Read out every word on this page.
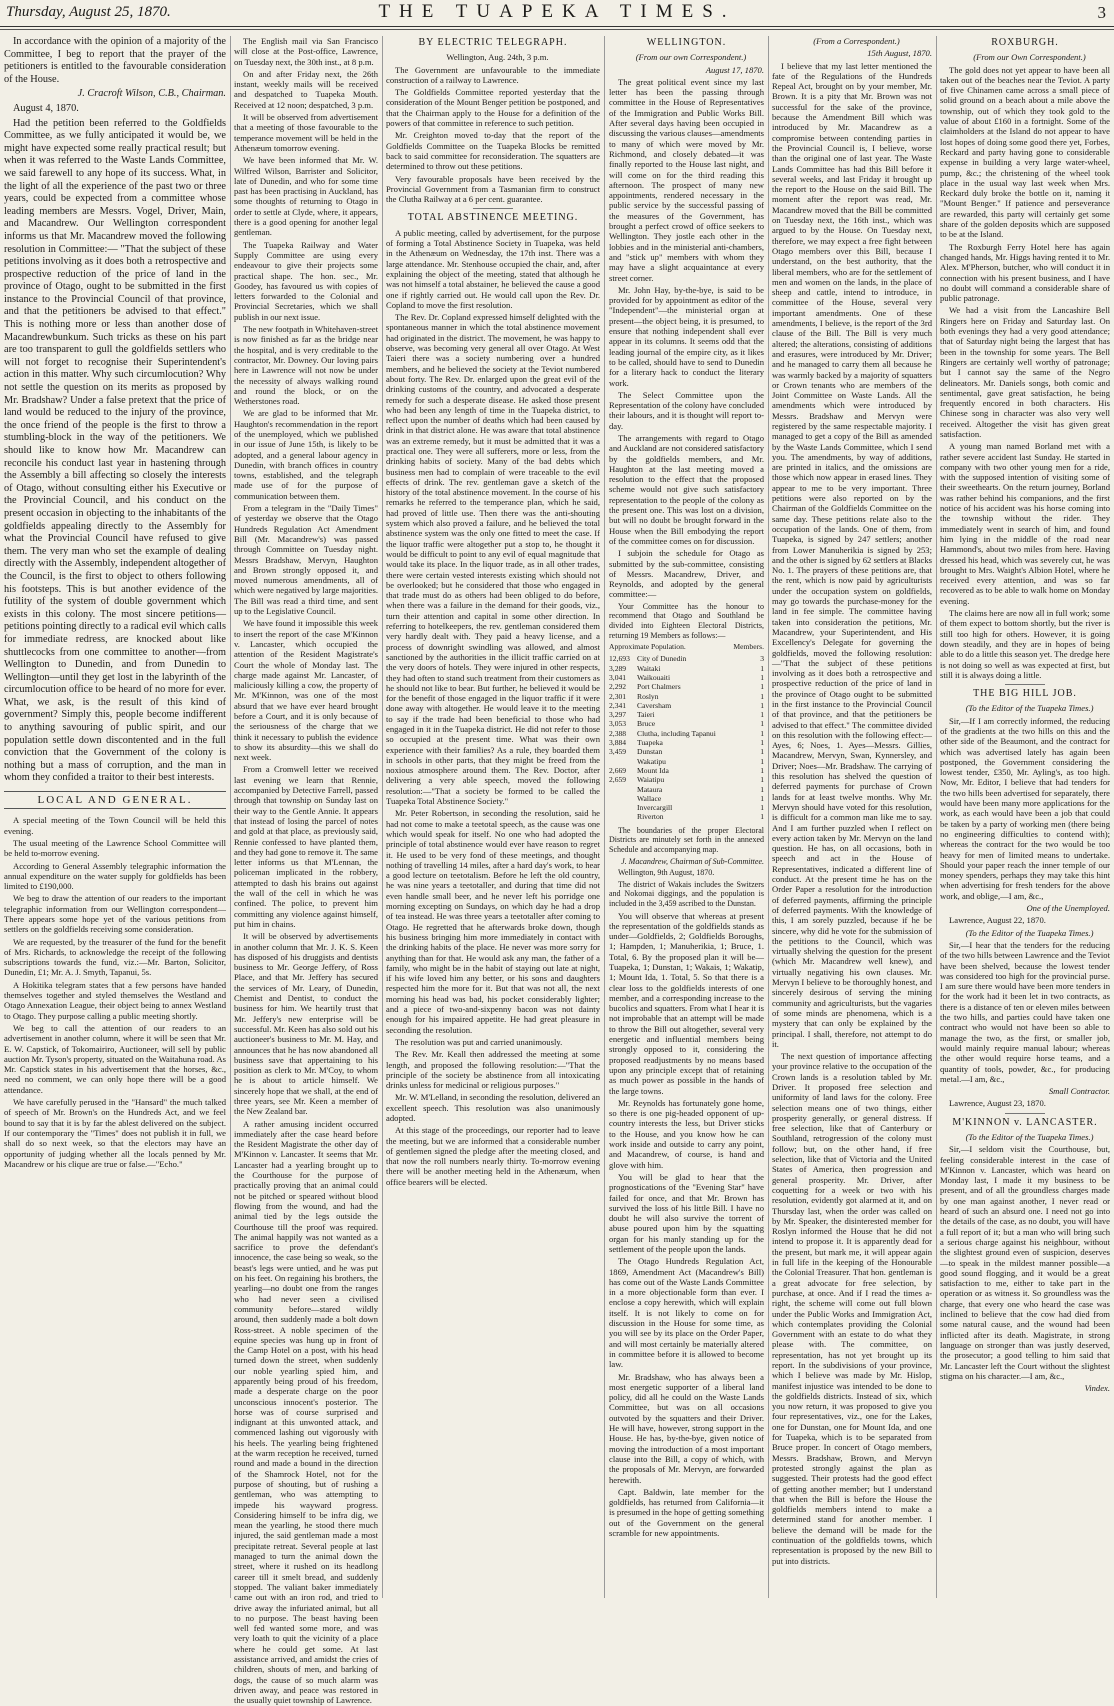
Thursday, August 25, 1870.	THE TUAPEKA TIMES.	3

In accordance with the opinion of a majority of the Committee, I beg to report that the prayer of the petitioners is entitled to the favourable consideration of the House.

J. Cracroft Wilson, C.B., Chairman.

August 4, 1870.

Had the petition been referred to the Goldfields Committee, as we fully anticipated it would be, we might have expected some really practical result; but when it was referred to the Waste Lands Committee, we said farewell to any hope of its success. What, in the light of all the experience of the past two or three years, could be expected from a committee whose leading members are Messrs. Vogel, Driver, Main, and Macandrew. Our Wellington correspondent informs us that Mr. Macandrew moved the following resolution in Committee:— "That the subject of these petitions involving as it does both a retrospective and prospective reduction of the price of land in the province of Otago, ought to be submitted in the first instance to the Provincial Council of that province, and that the petitioners be advised to that effect." This is nothing more or less than another dose of Macandrewbunkum. Such tricks as these on his part are too transparent to gull the goldfields settlers who will not forget to recognise their Superintendent's action in this matter. Why such circumlocution? Why not settle the question on its merits as proposed by Mr. Bradshaw? Under a false pretext that the price of land would be reduced to the injury of the province, the once friend of the people is the first to throw a stumbling-block in the way of the petitioners. We should like to know how Mr. Macandrew can reconcile his conduct last year in hastening through the Assembly a bill affecting so closely the interests of Otago, without consulting either his Executive or the Provincial Council, and his conduct on the present occasion in objecting to the inhabitants of the goldfields appealing directly to the Assembly for what the Provincial Council have refused to give them. The very man who set the example of dealing directly with the Assembly, independent altogether of the Council, is the first to object to others following his footsteps. This is but another evidence of the futility of the system of double government which exists in this colony. The most sincere petitions—petitions pointing directly to a radical evil which calls for immediate redress, are knocked about like shuttlecocks from one committee to another—from Wellington to Dunedin, and from Dunedin to Wellington—until they get lost in the labyrinth of the circumlocution office to be heard of no more for ever. What, we ask, is the result of this kind of government? Simply this, people become indifferent to anything savouring of public spirit, and our population settle down discontented and in the full conviction that the Government of the colony is nothing but a mass of corruption, and the man in whom they confided a traitor to their best interests.

LOCAL AND GENERAL.

A special meeting of the Town Council will be held this evening.

The usual meeting of the Lawrence School Committee will be held to-morrow evening.

According to General Assembly telegraphic information the annual expenditure on the water supply for goldfields has been limited to £190,000.

We beg to draw the attention of our readers to the important telegraphic information from our Wellington correspondent—There appears some hope yet of the various petitions from settlers on the goldfields receiving some consideration.

We are requested, by the treasurer of the fund for the benefit of Mrs. Richards, to acknowledge the receipt of the following subscriptions towards the fund, viz.:—Mr. Barton, Solicitor, Dunedin, £1; Mr. A. J. Smyth, Tapanui, 5s.

A Hokitika telegram states that a few persons have handed themselves together and styled themselves the Westland and Otago Annexation League, their object being to annex Westland to Otago. They purpose calling a public meeting shortly.

We beg to call the attention of our readers to an advertisement in another column, where it will be seen that Mr. E. W. Capstick, of Tokomairiro, Auctioneer, will sell by public auction Mr. Tyson's property, situated on the Waitahuna road. As Mr. Capstick states in his advertisement that the horses, &c., need no comment, we can only hope there will be a good attendance.

We have carefully perused in the "Hansard" the much talked of speech of Mr. Brown's on the Hundreds Act, and we feel bound to say that it is by far the ablest delivered on the subject. If our contemporary the "Times" does not publish it in full, we shall do so next week, so that the electors may have an opportunity of judging whether all the locals penned by Mr. Macandrew or his clique are true or false.—"Echo."

The English mail via San Francisco will close at the Post-office, Lawrence, on Tuesday next, the 30th inst., at 8 p.m.

On and after Friday next, the 26th instant, weekly mails will be received and despatched to Tuapeka Mouth. Received at 12 noon; despatched, 3 p.m.

It will be observed from advertisement that a meeting of those favourable to the temperance movement will be held in the Athenæum tomorrow evening.

We have been informed that Mr. W. Wilfred Wilson, Barrister and Solicitor, late of Dunedin, and who for some time past has been practising in Auckland, has some thoughts of returning to Otago in order to settle at Clyde, where, it appears, there is a good opening for another legal gentleman.

The Tuapeka Railway and Water Supply Committee are using every endeavour to give their projects some practical shape. The hon. sec., Mr. Goodey, has favoured us with copies of letters forwarded to the Colonial and Provincial Secretaries, which we shall publish in our next issue.

The new footpath in Whitehaven-street is now finished as far as the bridge near the hospital, and is very creditable to the contractor, Mr. Downey. Our loving pairs here in Lawrence will not now be under the necessity of always walking round and round the block, or on the Wetherstones road.

We are glad to be informed that Mr. Haughton's recommendation in the report of the unemployed, which we published in our issue of June 15th, is likely to be adopted, and a general labour agency in Dunedin, with branch offices in country towns, established, and the telegraph made use of for the purpose of communication between them.

From a telegram in the "Daily Times" of yesterday we observe that the Otago Hundreds Regulation Act Amendment Bill (Mr. Macandrew's) was passed through Committee on Tuesday night. Messrs Bradshaw, Mervyn, Haughton and Brown strongly opposed it, and moved numerous amendments, all of which were negatived by large majorities. The Bill was read a third time, and sent up to the Legislative Council.

We have found it impossible this week to insert the report of the case M'Kinnon v. Lancaster, which occupied the attention of the Resident Magistrate's Court the whole of Monday last. The charge made against Mr. Lancaster, of maliciously killing a cow, the property of Mr. M'Kinnon, was one of the most absurd that we have ever heard brought before a Court, and it is only because of the seriousness of the charge that we think it necessary to publish the evidence to show its absurdity—this we shall do next week.

From a Cromwell letter we received last evening we learn that Rennie, accompanied by Detective Farrell, passed through that township on Sunday last on their way to the Gentle Annie. It appears that instead of losing the parcel of notes and gold at that place, as previously said, Rennie confessed to have planted them, and they had gone to remove it. The same letter informs us that M'Lennan, the policeman implicated in the robbery, attempted to dash his brains out against the wall of the cell in which he was confined. The police, to prevent him committing any violence against himself, put him in chains.

It will be observed by advertisements in another column that Mr. J. K. S. Keen has disposed of his druggists and dentists business to Mr. George Jeffery, of Ross Place, and that Mr. Jeffery has secured the services of Mr. Leary, of Dunedin, Chemist and Dentist, to conduct the business for him. We heartily trust that Mr. Jeffery's new enterprise will be successful. Mr. Keen has also sold out his auctioneer's business to Mr. M. Hay, and announces that he has now abandoned all business save that appertaining to his position as clerk to Mr. M'Coy, to whom he is about to article himself. We sincerely hope that we shall, at the end of three years, see Mr. Keen a member of the New Zealand bar.

A rather amusing incident occurred immediately after the case heard before the Resident Magistrate the other day of M'Kinnon v. Lancaster. It seems that Mr. Lancaster had a yearling brought up to the Courthouse for the purpose of practically proving that an animal could not be pitched or speared without blood flowing from the wound, and had the animal tied by the legs outside the Courthouse till the proof was required. The animal happily was not wanted as a sacrifice to prove the defendant's innocence, the case being so weak, so the beast's legs were untied, and he was put on his feet. On regaining his brothers, the yearling—no doubt one from the ranges who had never seen a civilised community before—stared wildly around, then suddenly made a bolt down Ross-street. A noble specimen of the equine species was hung up in front of the Camp Hotel on a post, with his head turned down the street, when suddenly our noble yearling spied him, and apparently being proud of his freedom, made a desperate charge on the poor unconscious innocent's posterior. The horse was of course surprised and indignant at this unwonted attack, and commenced lashing out vigorously with his heels. The yearling being frightened at the warm reception he received, turned round and made a bound in the direction of the Shamrock Hotel, not for the purpose of shouting, but of rushing a gentleman, who was attempting to impede his wayward progress. Considering himself to be infra dig, we mean the yearling, he stood there much injured, the said gentleman made a most precipitate retreat. Several people at last managed to turn the animal down the street, where it rushed on its headlong career till it smelt bread, and suddenly stopped. The valiant baker immediately came out with an iron rod, and tried to drive away the infuriated animal, but all to no purpose. The beast having been well fed wanted some more, and was very loath to quit the vicinity of a place where he could get some. At last assistance arrived, and amidst the cries of children, shouts of men, and barking of dogs, the cause of so much alarm was driven away, and peace was restored in the usually quiet township of Lawrence.

BY ELECTRIC TELEGRAPH.

Wellington, Aug. 24th, 3 p.m.

The Government are unfavourable to the immediate construction of a railway to Lawrence.

The Goldfields Committee reported yesterday that the consideration of the Mount Benger petition be postponed, and that the Chairman apply to the House for a definition of the powers of that committee in reference to such petition.

Mr. Creighton moved to-day that the report of the Goldfields Committee on the Tuapeka Blocks be remitted back to said committee for reconsideration. The squatters are determined to throw out these petitions.

Very favourable proposals have been received by the Provincial Government from a Tasmanian firm to construct the Clutha Railway at a 6 per cent. guarantee.

TOTAL ABSTINENCE MEETING.

A public meeting, called by advertisement, for the purpose of forming a Total Abstinence Society in Tuapeka, was held in the Athenæum on Wednesday, the 17th inst. There was a large attendance. Mr. Stenhouse occupied the chair, and, after explaining the object of the meeting, stated that although he was not himself a total abstainer, he believed the cause a good one if rightly carried out. He would call upon the Rev. Dr. Copland to move the first resolution.

The Rev. Dr. Copland expressed himself delighted with the spontaneous manner in which the total abstinence movement had originated in the district. The movement, he was happy to observe, was becoming very general all over Otago. At West Taieri there was a society numbering over a hundred members, and he believed the society at the Teviot numbered about forty. The Rev. Dr. enlarged upon the great evil of the drinking customs of the country, and advocated a desperate remedy for such a desperate disease. He asked those present who had been any length of time in the Tuapeka district, to reflect upon the number of deaths which had been caused by drink in that district alone. He was aware that total abstinence was an extreme remedy, but it must be admitted that it was a practical one. They were all sufferers, more or less, from the drinking habits of society. Many of the bad debts which business men had to complain of were traceable to the evil effects of drink. The rev. gentleman gave a sketch of the history of the total abstinence movement. In the course of his remarks he referred to the temperance plan, which he said, had proved of little use. Then there was the anti-shouting system which also proved a failure, and he believed the total abstinence system was the only one fitted to meet the case. If the liquor traffic were altogether put a stop to, he thought it would be difficult to point to any evil of equal magnitude that would take its place. In the liquor trade, as in all other trades, there were certain vested interests existing which should not be overlooked; but he considered that those who engaged in that trade must do as others had been obliged to do before, when there was a failure in the demand for their goods, viz., turn their attention and capital in some other direction. In referring to hotelkeepers, the rev. gentleman considered them very hardly dealt with. They paid a heavy license, and a process of downright swindling was allowed, and almost sanctioned by the authorities in the illicit traffic carried on at the very doors of hotels. They were injured in other respects, they had often to stand such treatment from their customers as he should not like to bear. But further, he believed it would be for the benefit of those engaged in the liquor traffic if it were done away with altogether. He would leave it to the meeting to say if the trade had been beneficial to those who had engaged in it in the Tuapeka district. He did not refer to those so occupied at the present time. What was their own experience with their families? As a rule, they boarded them in schools in other parts, that they might be freed from the noxious atmosphere around them. The Rev. Doctor, after delivering a very able speech, moved the following resolution:—"That a society be formed to be called the Tuapeka Total Abstinence Society."

Mr. Peter Robertson, in seconding the resolution, said he had not come to make a teetotal speech, as the cause was one which would speak for itself. No one who had adopted the principle of total abstinence would ever have reason to regret it. He used to be very fond of these meetings, and thought nothing of travelling 14 miles, after a hard day's work, to hear a good lecture on teetotalism. Before he left the old country, he was nine years a teetotaller, and during that time did not even handle small beer, and he never left his porridge one morning excepting on Sundays, on which day he had a drop of tea instead. He was three years a teetotaller after coming to Otago. He regretted that he afterwards broke down, though his business bringing him more immediately in contact with the drinking habits of the place. He never was more sorry for anything than for that. He would ask any man, the father of a family, who might be in the habit of staying out late at night, if his wife loved him any better, or his sons and daughters respected him the more for it. But that was not all, the next morning his head was bad, his pocket considerably lighter; and a piece of two-and-sixpenny bacon was not dainty enough for his impaired appetite. He had great pleasure in seconding the resolution.

The resolution was put and carried unanimously.

The Rev. Mr. Keall then addressed the meeting at some length, and proposed the following resolution:—"That the principle of the society be abstinence from all intoxicating drinks unless for medicinal or religious purposes."

Mr. W. M'Lelland, in seconding the resolution, delivered an excellent speech. This resolution was also unanimously adopted.

At this stage of the proceedings, our reporter had to leave the meeting, but we are informed that a considerable number of gentlemen signed the pledge after the meeting closed, and that now the roll numbers nearly thirty. To-morrow evening there will be another meeting held in the Athenæum, when office bearers will be elected.

WELLINGTON.

(From our own Correspondent.)

August 17, 1870.

The great political event since my last letter has been the passing through committee in the House of Representatives of the Immigration and Public Works Bill. After several days having been occupied in discussing the various clauses—amendments to many of which were moved by Mr. Richmond, and closely debated—it was finally reported to the House last night, and will come on for the third reading this afternoon. The prospect of many new appointments, rendered necessary in the public service by the successful passing of the measures of the Government, has brought a perfect crowd of office seekers to Wellington. They jostle each other in the lobbies and in the ministerial anti-chambers, and "stick up" members with whom they may have a slight acquaintance at every street corner.

Mr. John Hay, by-the-bye, is said to be provided for by appointment as editor of the "Independent"—the ministerial organ at present—the object being, it is presumed, to ensure that nothing independent shall ever appear in its columns. It seems odd that the leading journal of the empire city, as it likes to be called, should have to send to Dunedin for a literary hack to conduct the literary work.

The Select Committee upon the Representation of the colony have concluded their labours, and it is thought will report to-day.

The arrangements with regard to Otago and Auckland are not considered satisfactory by the goldfields members, and Mr. Haughton at the last meeting moved a resolution to the effect that the proposed scheme would not give such satisfactory representation to the people of the colony as the present one. This was lost on a division, but will no doubt be brought forward in the House when the Bill embodying the report of the committee comes on for discussion.

I subjoin the schedule for Otago as submitted by the sub-committee, consisting of Messrs. Macandrew, Driver, and Reynolds, and adopted by the general committee:—

Your Committee has the honour to recommend that Otago and Southland be divided into Eighteen Electoral Districts, returning 19 Members as follows:—

Approximate Population.	Members.
12,693	City of Dunedin	3
3,289	Waitaki	1
3,041	Waikouaiti	1
2,292	Port Chalmers	1
2,301	Roslyn	1
2,341	Caversham	1
3,297	Taieri	1
3,053	Bruce	1
2,388	Clutha, including Tapanui	1
3,884	Tuapeka	1
3,459	Dunstan	1
	Wakatipu	1
2,669	Mount Ida	1
2,659	Waiatipu	1
	Mataura	1
	Wallace	1
	Invercargill	1
	Riverton	1

The boundaries of the proper Electoral Districts are minutely set forth in the annexed Schedule and accompanying map.

J. Macandrew, Chairman of Sub-Committee.

Wellington, 9th August, 1870.

The district of Wakais includes the Switzers and Nokomai diggings, and the population is included in the 3,459 ascribed to the Dunstan.

You will observe that whereas at present the representation of the goldfields stands as under—Goldfields, 2; Goldfields Boroughs, 1; Hampden, 1; Manuherikia, 1; Bruce, 1. Total, 6. By the proposed plan it will be—Tuapeka, 1; Dunstan, 1; Wakais, 1; Wakatip, 1; Mount Ida, 1. Total, 5. So that there is a clear loss to the goldfields interests of one member, and a corresponding increase to the bucolics and squatters. From what I hear it is not improbable that an attempt will be made to throw the Bill out altogether, several very energetic and influential members being strongly opposed to it, considering the proposed readjustments by no means based upon any principle except that of retaining as much power as possible in the hands of the large towns.

Mr. Reynolds has fortunately gone home, so there is one pig-headed opponent of up-country interests the less, but Driver sticks to the House, and you know how he can work inside and outside to carry any point, and Macandrew, of course, is hand and glove with him.

You will be glad to hear that the prognostications of the "Evening Star" have failed for once, and that Mr. Brown has survived the loss of his little Bill. I have no doubt he will also survive the torrent of abuse poured upon him by the squatting organ for his manly standing up for the settlement of the people upon the lands.

The Otago Hundreds Regulation Act, 1869, Amendment Act (Macandrew's Bill) has come out of the Waste Lands Committee in a more objectionable form than ever. I enclose a copy herewith, which will explain itself. It is not likely to come on for discussion in the House for some time, as you will see by its place on the Order Paper, and will most certainly be materially altered in committee before it is allowed to become law.

Mr. Bradshaw, who has always been a most energetic supporter of a liberal land policy, did all he could on the Waste Lands Committee, but was on all occasions outvoted by the squatters and their Driver. He will have, however, strong support in the House. He has, by-the-bye, given notice of moving the introduction of a most important clause into the Bill, a copy of which, with the proposals of Mr. Mervyn, are forwarded herewith.

Capt. Baldwin, late member for the goldfields, has returned from California—it is presumed in the hope of getting something out of the Government on the general scramble for new appointments.

(From a Correspondent.)

15th August, 1870.

I believe that my last letter mentioned the fate of the Regulations of the Hundreds Repeal Act, brought on by your member, Mr. Brown. It is a pity that Mr. Brown was not successful for the sake of the province, because the Amendment Bill which was introduced by Mr. Macandrew as a compromise between contending parties in the Provincial Council is, I believe, worse than the original one of last year. The Waste Lands Committee has had this Bill before it several weeks, and last Friday it brought up the report to the House on the said Bill. The moment after the report was read, Mr. Macandrew moved that the Bill be committed on Tuesday next, the 16th inst., which was argued to by the House. On Tuesday next, therefore, we may expect a free fight between Otago members over this Bill, because I understand, on the best authority, that the liberal members, who are for the settlement of men and women on the lands, in the place of sheep and cattle, intend to introduce, in committee of the House, several very important amendments. One of these amendments, I believe, is the report of the 3rd clause of the Bill. The Bill is very much altered; the alterations, consisting of additions and erasures, were introduced by Mr. Driver; and he managed to carry them all because he was warmly backed by a majority of squatters or Crown tenants who are members of the Joint Committee on Waste Lands. All the amendments which were introduced by Messrs. Bradshaw and Mervyn were registered by the same respectable majority. I managed to get a copy of the Bill as amended by the Waste Lands Committee, which I send you. The amendments, by way of additions, are printed in italics, and the omissions are those which now appear in erased lines. They appear to me to be very important. Three petitions were also reported on by the Chairman of the Goldfields Committee on the same day. These petitions relate also to the occupation of the lands. One of them, from Tuapeka, is signed by 247 settlers; another from Lower Manuherikia is signed by 253; and the other is signed by 62 settlers at Blacks No. 1. The prayers of these petitions are, that the rent, which is now paid by agriculturists under the occupation system on goldfields, may go towards the purchase-money for the land in fee simple. The committee having taken into consideration the petitions, Mr. Macandrew, your Superintendent, and His Excellency's Delegate for governing the goldfields, moved the following resolution:—"That the subject of these petitions involving as it does both a retrospective and prospective reduction of the price of land in the province of Otago ought to be submitted in the first instance to the Provincial Council of that province, and that the petitioners be advised to that effect." The committee divided on this resolution with the following effect:—Ayes, 6; Noes, 1. Ayes—Messrs. Gillies, Macandrew, Mervyn, Swan, Kynnersley, and Driver; Noes—Mr. Bradshaw. The carrying of this resolution has shelved the question of deferred payments for purchase of Crown lands for at least twelve months. Why Mr. Mervyn should have voted for this resolution, is difficult for a common man like me to say. And I am further puzzled when I reflect on every action taken by Mr. Mervyn on the land question. He has, on all occasions, both in speech and act in the House of Representatives, indicated a different line of conduct. At the present time he has on the Order Paper a resolution for the introduction of deferred payments, affirming the principle of deferred payments. With the knowledge of this, I am sorely puzzled, because if he be sincere, why did he vote for the submission of the petitions to the Council, which was virtually shelving the question for the present (which Mr. Macandrew well knew), and virtually negativing his own clauses. Mr. Mervyn I believe to be thoroughly honest, and sincerely desirous of serving the mining community and agriculturists, but the vagaries of some minds are phenomena, which is a mystery that can only be explained by the principal. I shall, therefore, not attempt to do it.

The next question of importance affecting your province relative to the occupation of the Crown lands is a resolution tabled by Mr. Driver. It proposed free selection and uniformity of land laws for the colony. Free selection means one of two things, either prosperity generally, or general distress. If free selection, like that of Canterbury or Southland, retrogression of the colony must follow; but, on the other hand, if free selection, like that of Victoria and the United States of America, then progression and general prosperity. Mr. Driver, after coquetting for a week or two with his resolution, evidently got alarmed at it, and on Thursday last, when the order was called on by Mr. Speaker, the disinterested member for Roslyn informed the House that he did not intend to propose it. It is apparently dead for the present, but mark me, it will appear again in full life in the keeping of the Honourable the Colonial Treasurer. That hon. gentleman is a great advocate for free selection, by purchase, at once. And if I read the times a-right, the scheme will come out full blown under the Public Works and Immigration Act, which contemplates providing the Colonial Government with an estate to do what they please with. The committee, on representation, has not yet brought up its report. In the subdivisions of your province, which I believe was made by Mr. Hislop, manifest injustice was intended to be done to the goldfields districts. Instead of six, which you now return, it was proposed to give you four representatives, viz., one for the Lakes, one for Dunstan, one for Mount Ida, and one for Tuapeka, which is to be separated from Bruce proper. In concert of Otago members, Messrs. Bradshaw, Brown, and Mervyn protested strongly against the plan as suggested. Their protests had the good effect of getting another member; but I understand that when the Bill is before the House the goldfields members intend to make a determined stand for another member. I believe the demand will be made for the continuation of the goldfields towns, which representation is proposed by the new Bill to put into districts.

ROXBURGH.

(From our Own Correspondent.)

The gold does not yet appear to have been all taken out of the beaches near the Teviot. A party of five Chinamen came across a small piece of solid ground on a beach about a mile above the township, out of which they took gold to the value of about £160 in a fortnight. Some of the claimholders at the Island do not appear to have lost hopes of doing some good there yet, Forbes, Reckard and party having gone to considerable expense in building a very large water-wheel, pump, &c.; the christening of the wheel took place in the usual way last week when Mrs. Reckard duly broke the bottle on it, naming it "Mount Benger." If patience and perseverance are rewarded, this party will certainly get some share of the golden deposits which are supposed to be at the Island.

The Roxburgh Ferry Hotel here has again changed hands, Mr. Higgs having rented it to Mr. Alex. M'Pherson, butcher, who will conduct it in connection with his present business, and I have no doubt will command a considerable share of public patronage.

We had a visit from the Lancashire Bell Ringers here on Friday and Saturday last. On both evenings they had a very good attendance; that of Saturday night being the largest that has been in the township for some years. The Bell Ringers are certainly well worthy of patronage; but I cannot say the same of the Negro delineators. Mr. Daniels songs, both comic and sentimental, gave great satisfaction, he being frequently encored in both characters. His Chinese song in character was also very well received. Altogether the visit has given great satisfaction.

A young man named Borland met with a rather severe accident last Sunday. He started in company with two other young men for a ride, with the supposed intention of visiting some of their sweethearts. On the return journey, Borland was rather behind his companions, and the first notice of his accident was his horse coming into the township without the rider. They immediately went in search of him, and found him lying in the middle of the road near Hammond's, about two miles from here. Having dressed his head, which was severely cut, he was brought to Mrs. Waight's Albion Hotel, where he received every attention, and was so far recovered as to be able to walk home on Monday evening.

The claims here are now all in full work; some of them expect to bottom shortly, but the river is still too high for others. However, it is going down steadily, and they are in hopes of being able to do a little this season yet. The dredge here is not doing so well as was expected at first, but still it is always doing a little.

THE BIG HILL JOB.

(To the Editor of the Tuapeka Times.)

Sir,—If I am correctly informed, the reducing of the gradients at the two hills on this and the other side of the Beaumont, and the contract for which was advertised lately has again been postponed, the Government considering the lowest tender, £350, Mr. Ayling's, as too high. Now, Mr. Editor, I believe that had tenders for the two hills been advertised for separately, there would have been many more applications for the work, as each would have been a job that could be taken by a party of working men (there being no engineering difficulties to contend with); whereas the contract for the two would be too heavy for men of limited means to undertake. Should your paper reach the inner temple of our money spenders, perhaps they may take this hint when advertising for fresh tenders for the above work, and oblige,—I am, &c.,

One of the Unemployed.

Lawrence, August 22, 1870.

(To the Editor of the Tuapeka Times.)

Sir,—I hear that the tenders for the reducing of the two hills between Lawrence and the Teviot have been shelved, because the lowest tender was considered too high for the provincial purse. I am sure there would have been more tenders in for the work had it been let in two contracts, as there is a distance of ten or eleven miles between the two hills, and parties could have taken one contract who would not have been so able to manage the two, as the first, or smaller job, would mainly require manual labour; whereas the other would require horse teams, and a quantity of tools, powder, &c., for producing metal.—I am, &c.,

Small Contractor.

Lawrence, August 23, 1870.

M'KINNON v. LANCASTER.

(To the Editor of the Tuapeka Times.)

Sir,—I seldom visit the Courthouse, but, feeling considerable interest in the case of M'Kinnon v. Lancaster, which was heard on Monday last, I made it my business to be present, and of all the groundless charges made by one man against another, I never read or heard of such an absurd one. I need not go into the details of the case, as no doubt, you will have a full report of it; but a man who will bring such a serious charge against his neighbour, without the slightest ground even of suspicion, deserves—to speak in the mildest manner possible—a good sound flogging, and it would be a great satisfaction to me, either to take part in the operation or as witness it. So groundless was the charge, that every one who heard the case was inclined to believe that the cow had died from some natural cause, and the wound had been inflicted after its death. Magistrate, in strong language on stronger than was justly deserved, the prosecutor; a good telling to him said that Mr. Lancaster left the Court without the slightest stigma on his character.—I am, &c.,

Vindex.
